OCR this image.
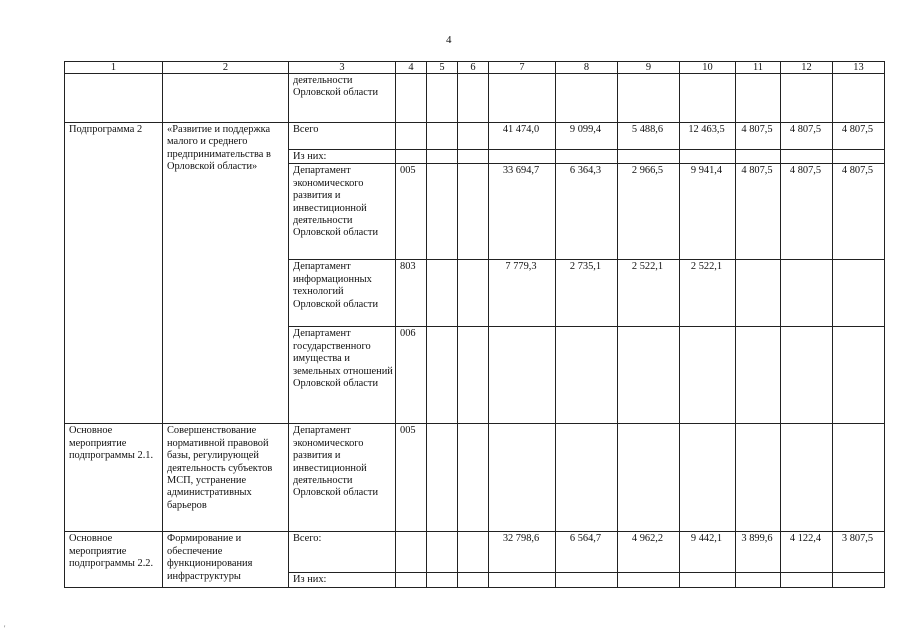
4
1	2	3	4	5	6	7	8	9	10	11	12	13
		деятельности Орловской области										
Подпрограмма 2	«Развитие и поддержка малого и среднего предпринимательства в Орловской области»	Всего				41 474,0	9 099,4	5 488,6	12 463,5	4 807,5	4 807,5	4 807,5
		Из них:										
		Департамент экономического развития и инвестиционной деятельности Орловской области	005			33 694,7	6 364,3	2 966,5	9 941,4	4 807,5	4 807,5	4 807,5
		Департамент информационных технологий Орловской области	803			7 779,3	2 735,1	2 522,1	2 522,1			
		Департамент государственного имущества и земельных отношений Орловской области	006									
Основное мероприятие подпрограммы 2.1.	Совершенствование нормативной правовой базы, регулирующей деятельность субъектов МСП, устранение административных барьеров	Департамент экономического развития и инвестиционной деятельности Орловской области	005									
Основное мероприятие подпрограммы 2.2.	Формирование и обеспечение функционирования инфраструктуры	Всего:				32 798,6	6 564,7	4 962,2	9 442,1	3 899,6	4 122,4	3 807,5
		Из них:										
'
